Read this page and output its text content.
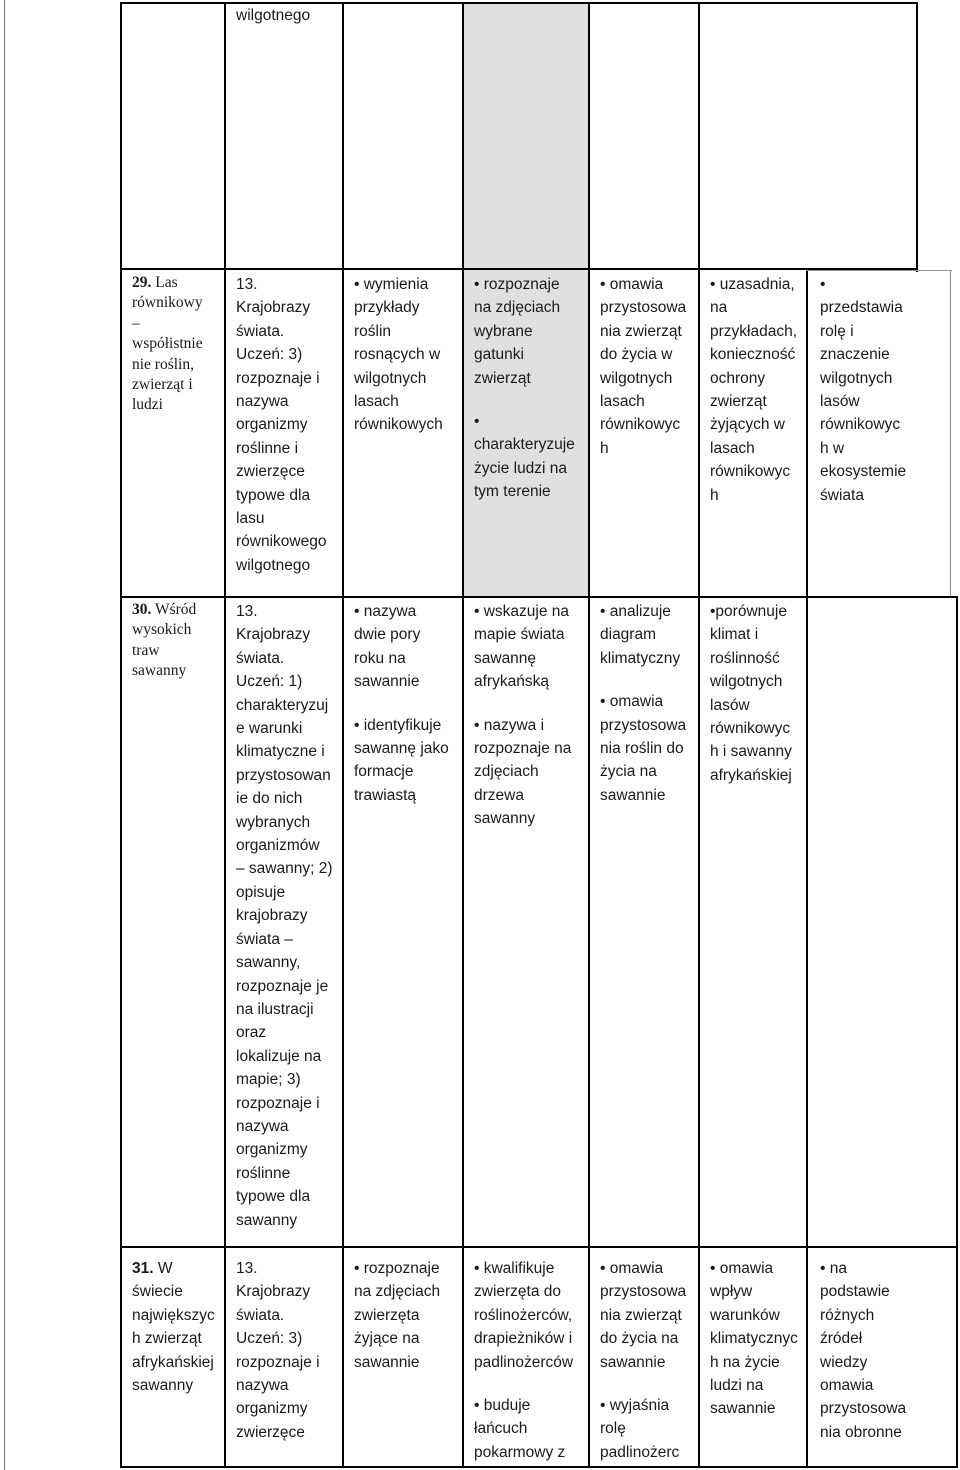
wilgotnego
29. Las
równikowy
–
współistnie
nie roślin,
zwierząt i
ludzi
13.
Krajobrazy
świata.
Uczeń: 3)
rozpoznaje i
nazywa
organizmy
roślinne i
zwierzęce
typowe dla
lasu
równikowego
wilgotnego
• wymienia
przykłady
roślin
rosnących w
wilgotnych
lasach
równikowych
• rozpoznaje
na zdjęciach
wybrane
gatunki
zwierząt
•
charakteryzuje
życie ludzi na
tym terenie
• omawia
przystosowa
nia zwierząt
do życia w
wilgotnych
lasach
równikowyc
h
• uzasadnia,
na
przykładach,
konieczność
ochrony
zwierząt
żyjących w
lasach
równikowyc
h
•
przedstawia
rolę i
znaczenie
wilgotnych
lasów
równikowyc
h w
ekosystemie
świata
30. Wśród
wysokich
traw
sawanny
13.
Krajobrazy
świata.
Uczeń: 1)
charakteryzuj
e warunki
klimatyczne i
przystosowan
ie do nich
wybranych
organizmów
– sawanny; 2)
opisuje
krajobrazy
świata –
sawanny,
rozpoznaje je
na ilustracji
oraz
lokalizuje na
mapie; 3)
rozpoznaje i
nazywa
organizmy
roślinne
typowe dla
sawanny
• nazywa
dwie pory
roku na
sawannie
• identyfikuje
sawannę jako
formacje
trawiastą
• wskazuje na
mapie świata
sawannę
afrykańską
• nazywa i
rozpoznaje na
zdjęciach
drzewa
sawanny
• analizuje
diagram
klimatyczny
• omawia
przystosowa
nia roślin do
życia na
sawannie
•porównuje
klimat i
roślinność
wilgotnych
lasów
równikowyc
h i sawanny
afrykańskiej
31. W
świecie
największyc
h zwierząt
afrykańskiej
sawanny
13.
Krajobrazy
świata.
Uczeń: 3)
rozpoznaje i
nazywa
organizmy
zwierzęce
• rozpoznaje
na zdjęciach
zwierzęta
żyjące na
sawannie
• kwalifikuje
zwierzęta do
roślinożerców,
drapieżników i
padlinożerców
• buduje
łańcuch
pokarmowy z
• omawia
przystosowa
nia zwierząt
do życia na
sawannie
• wyjaśnia
rolę
padlinożerc
• omawia
wpływ
warunków
klimatycznyc
h na życie
ludzi na
sawannie
• na
podstawie
różnych
źródeł
wiedzy
omawia
przystosowa
nia obronne
